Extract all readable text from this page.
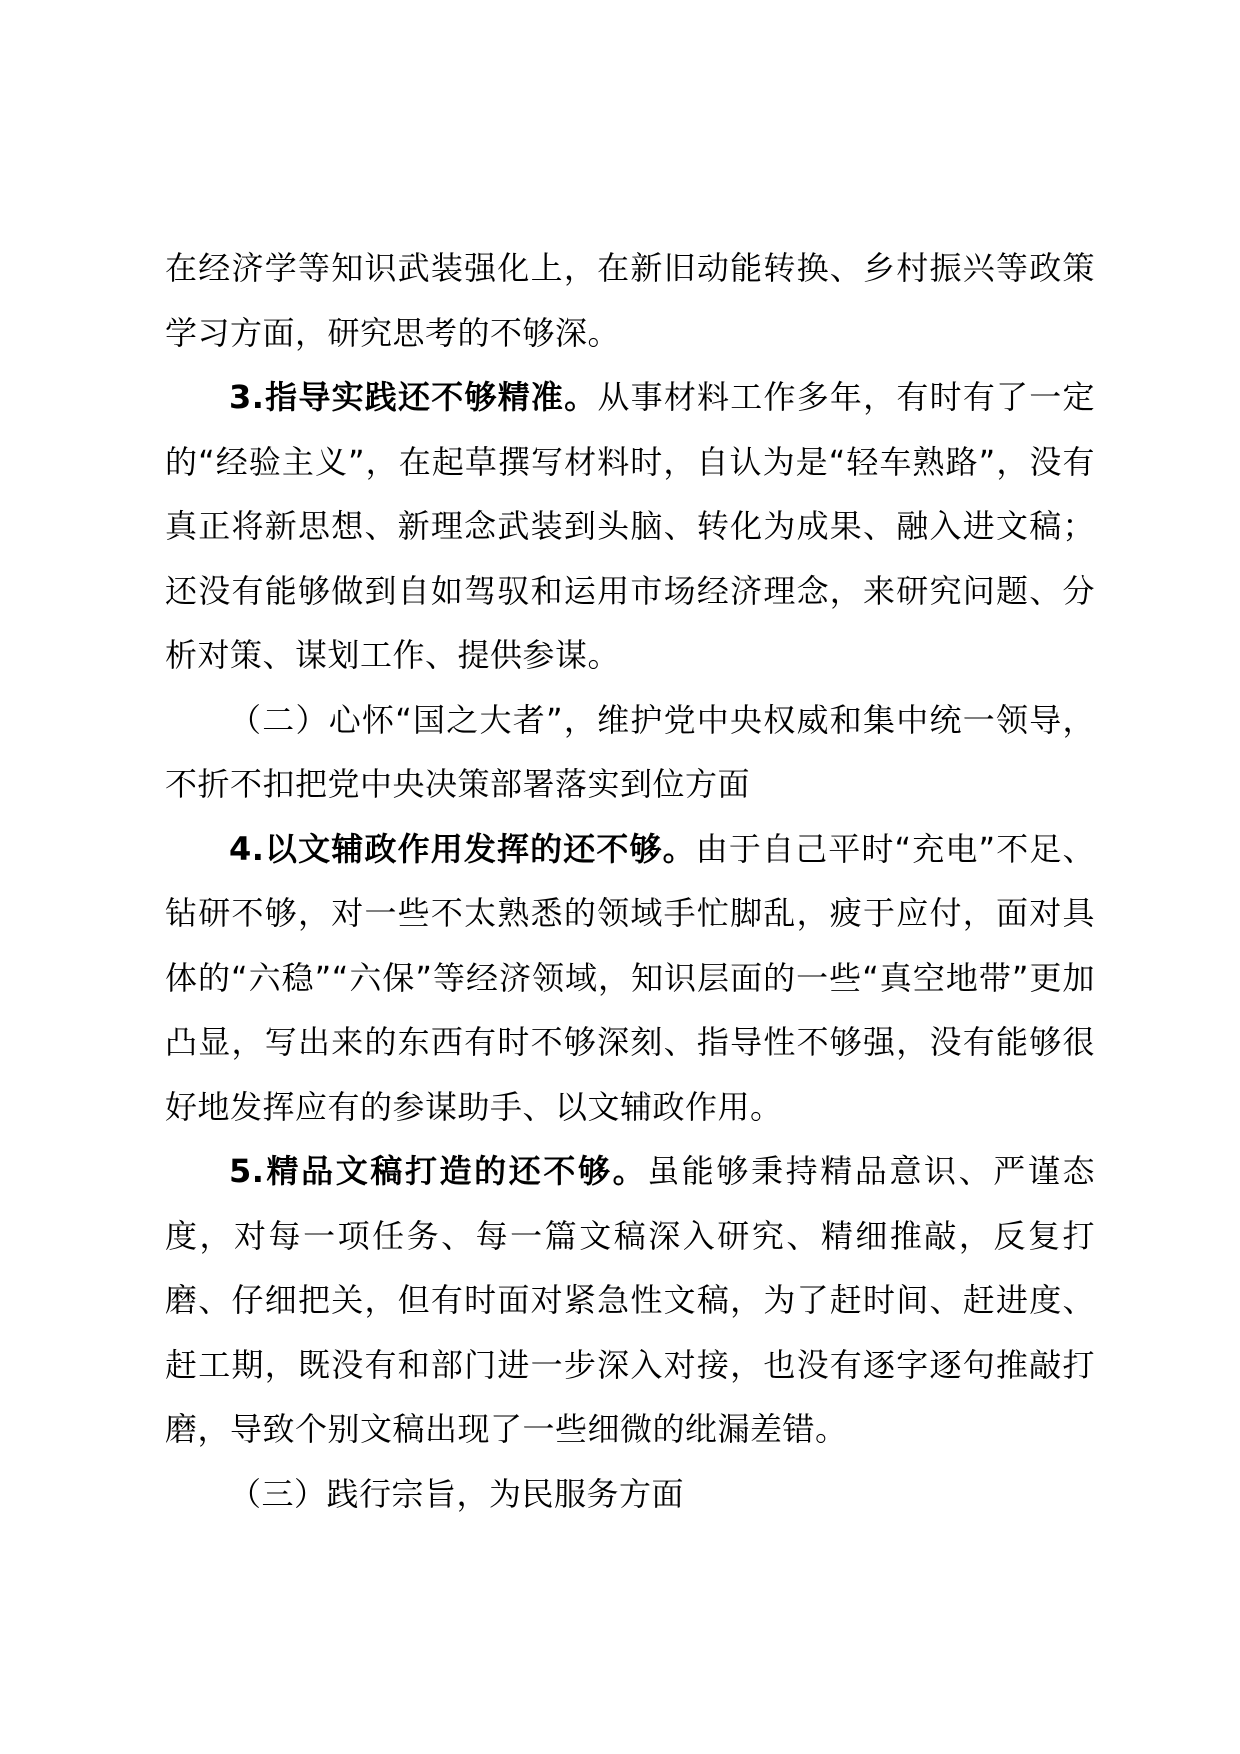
在经济学等知识武装强化上，在新旧动能转换、乡村振兴等政策学习方面，研究思考的不够深。

3.指导实践还不够精准。从事材料工作多年，有时有了一定的“经验主义”，在起草撰写材料时，自认为是“轻车熟路”，没有真正将新思想、新理念武装到头脑、转化为成果、融入进文稿；还没有能够做到自如驾驭和运用市场经济理念，来研究问题、分析对策、谋划工作、提供参谋。

（二）心怀“国之大者”，维护党中央权威和集中统一领导，不折不扣把党中央决策部署落实到位方面

4.以文辅政作用发挥的还不够。由于自己平时“充电”不足、钻研不够，对一些不太熟悉的领域手忙脚乱，疲于应付，面对具体的“六稳”“六保”等经济领域，知识层面的一些“真空地带”更加凸显，写出来的东西有时不够深刻、指导性不够强，没有能够很好地发挥应有的参谋助手、以文辅政作用。

5.精品文稿打造的还不够。虽能够秉持精品意识、严谨态度，对每一项任务、每一篇文稿深入研究、精细推敲，反复打磨、仔细把关，但有时面对紧急性文稿，为了赶时间、赶进度、赶工期，既没有和部门进一步深入对接，也没有逐字逐句推敲打磨，导致个别文稿出现了一些细微的纰漏差错。

（三）践行宗旨，为民服务方面
